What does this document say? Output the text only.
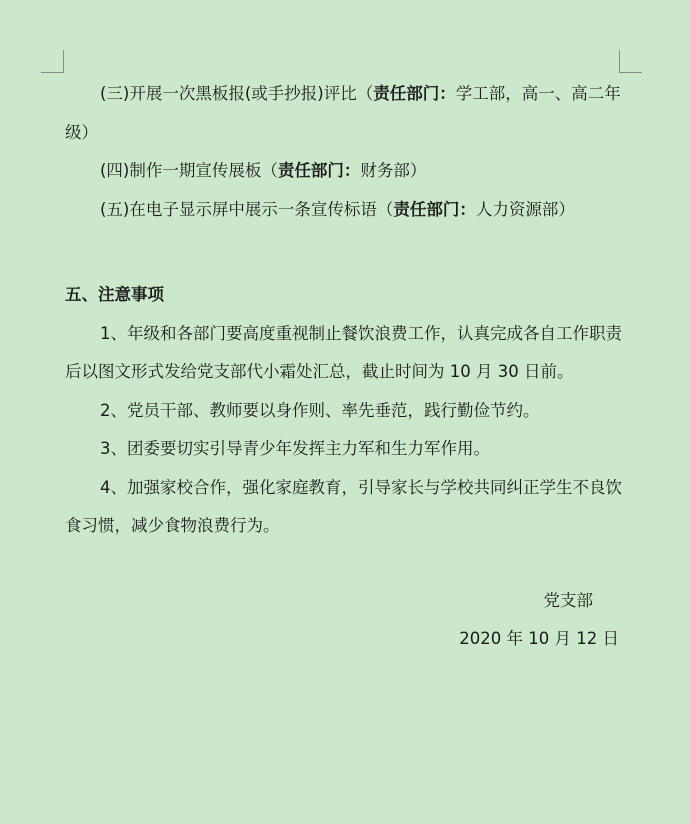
(三)开展一次黑板报(或手抄报)评比（责任部门：学工部，高一、高二年级）

(四)制作一期宣传展板（责任部门：财务部）

(五)在电子显示屏中展示一条宣传标语（责任部门：人力资源部）

五、注意事项

1、年级和各部门要高度重视制止餐饮浪费工作，认真完成各自工作职责后以图文形式发给党支部代小霜处汇总，截止时间为 10 月 30 日前。

2、党员干部、教师要以身作则、率先垂范，践行勤俭节约。

3、团委要切实引导青少年发挥主力军和生力军作用。

4、加强家校合作，强化家庭教育，引导家长与学校共同纠正学生不良饮食习惯，减少食物浪费行为。

党支部

2020 年 10 月 12 日
